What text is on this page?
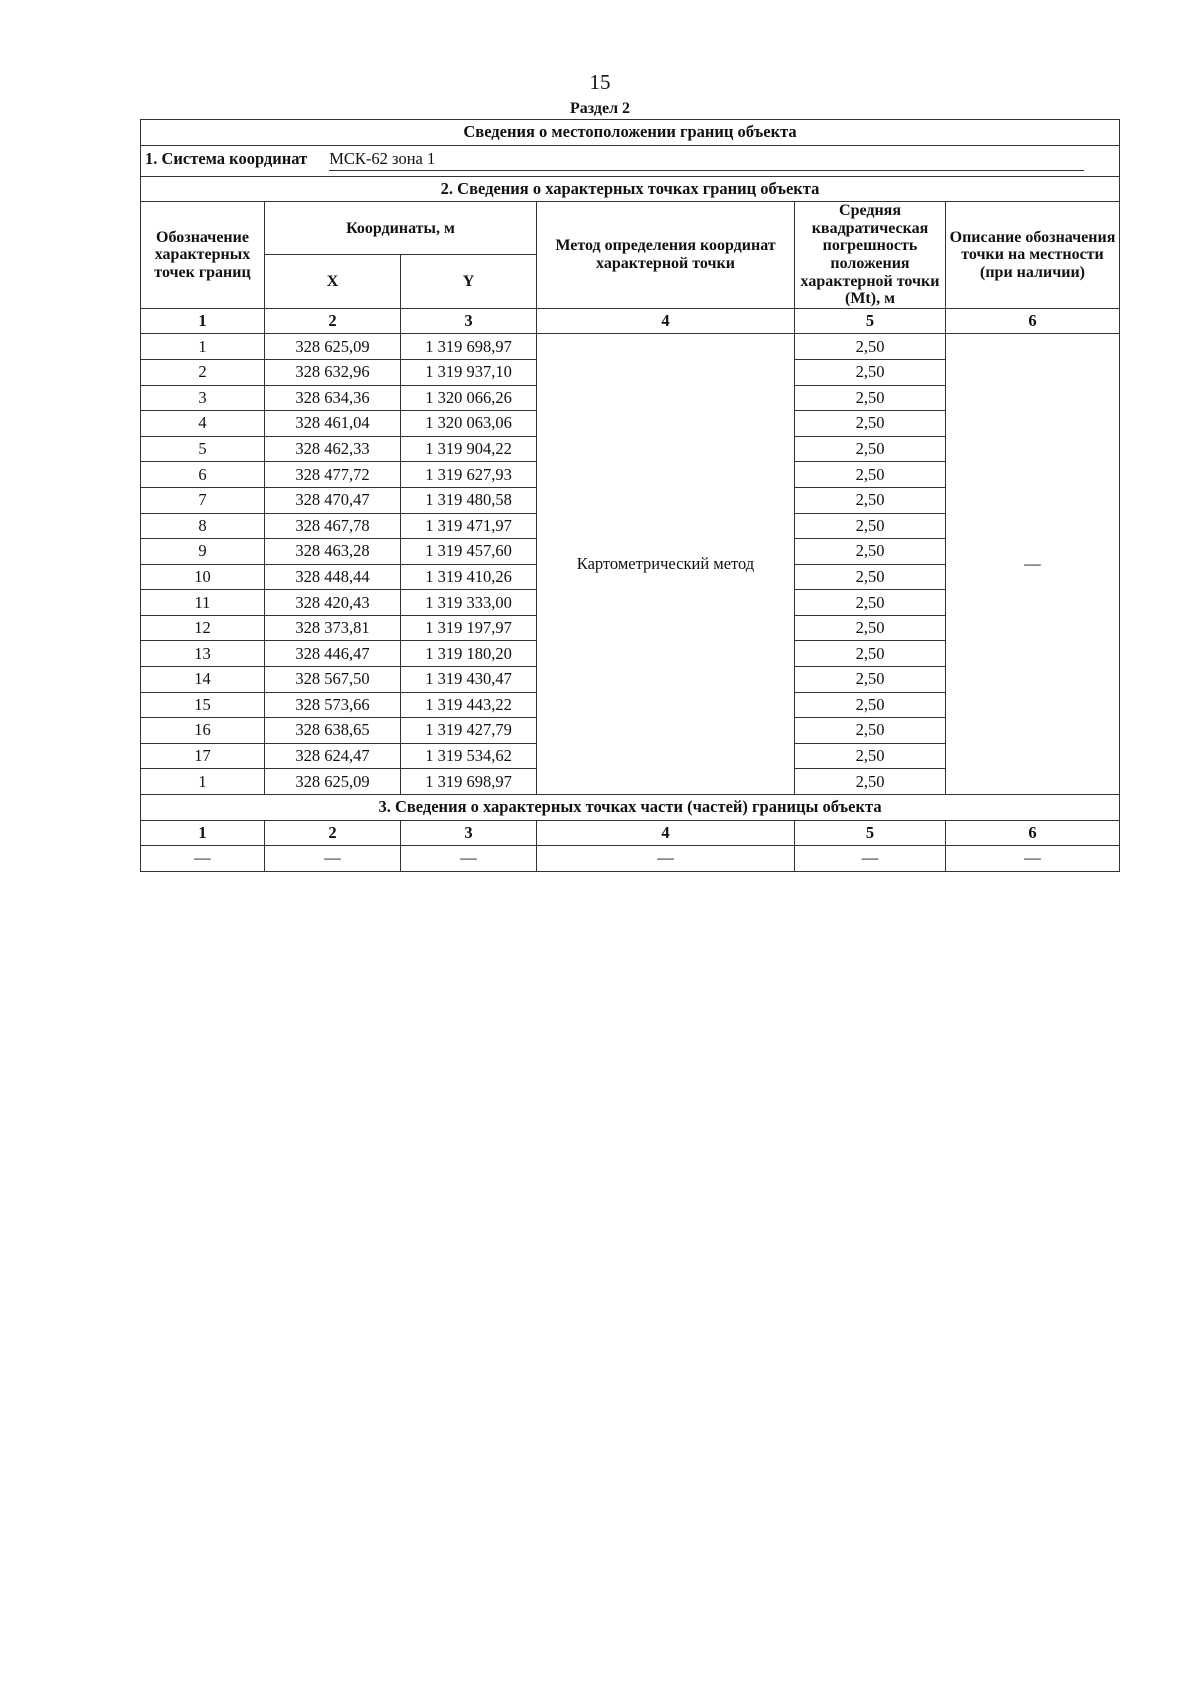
15
Раздел 2
Сведения о местоположении границ объекта					
1. Система координат МСК-62 зона 1					
2. Сведения о характерных точках границ объекта					
Обозначение характерных точек границ	Координаты, м		Метод определения координат характерной точки	Средняя квадратическая погрешность положения характерной точки (Mt), м	Описание обозначения точки на местности (при наличии)
	X	Y			
1	2	3	4	5	6
1	328 625,09	1 319 698,97	Картометрический метод	2,50	—
2	328 632,96	1 319 937,10		2,50	
3	328 634,36	1 320 066,26		2,50	
4	328 461,04	1 320 063,06		2,50	
5	328 462,33	1 319 904,22		2,50	
6	328 477,72	1 319 627,93		2,50	
7	328 470,47	1 319 480,58		2,50	
8	328 467,78	1 319 471,97		2,50	
9	328 463,28	1 319 457,60		2,50	
10	328 448,44	1 319 410,26		2,50	
11	328 420,43	1 319 333,00		2,50	
12	328 373,81	1 319 197,97		2,50	
13	328 446,47	1 319 180,20		2,50	
14	328 567,50	1 319 430,47		2,50	
15	328 573,66	1 319 443,22		2,50	
16	328 638,65	1 319 427,79		2,50	
17	328 624,47	1 319 534,62		2,50	
1	328 625,09	1 319 698,97		2,50	
3. Сведения о характерных точках части (частей) границы объекта					
1	2	3	4	5	6
—	—	—	—	—	—
